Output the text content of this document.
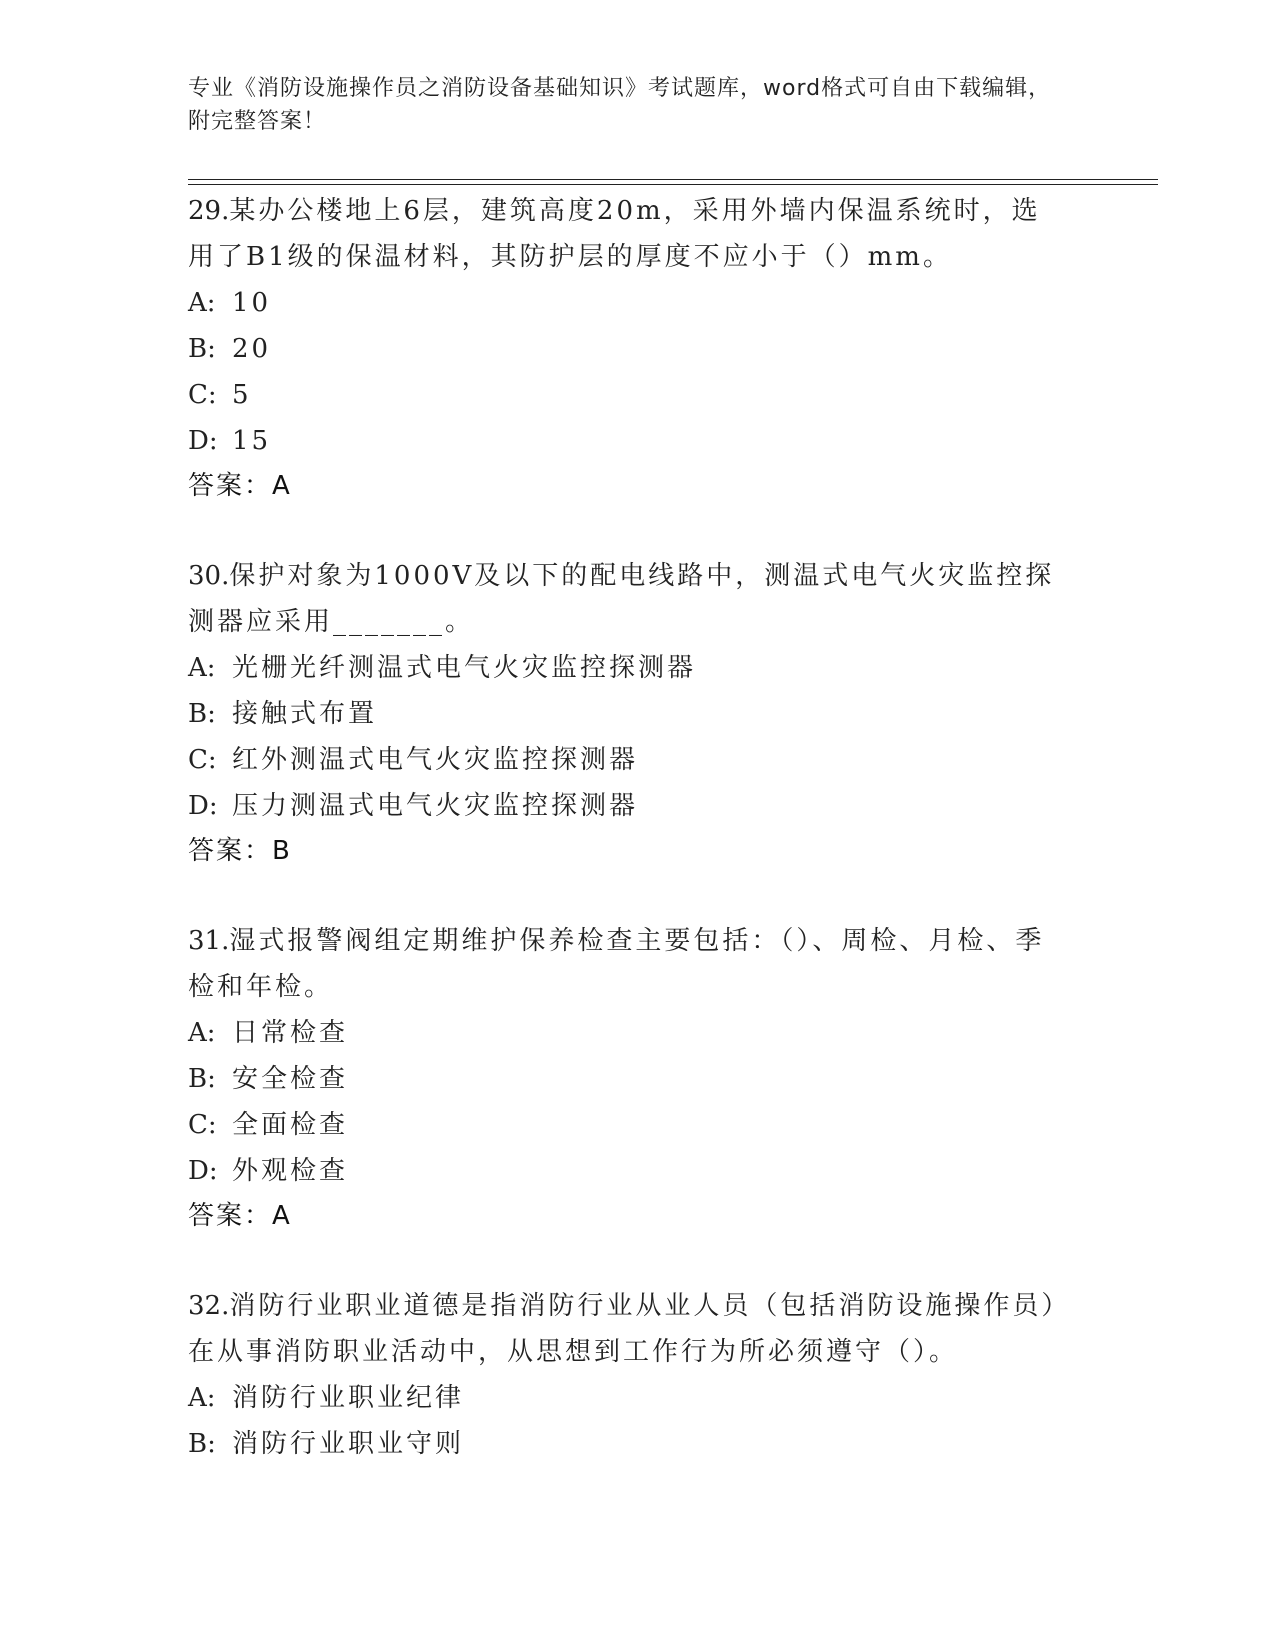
专业《消防设施操作员之消防设备基础知识》考试题库，word格式可自由下载编辑，附完整答案！

29.某办公楼地上6层，建筑高度20m，采用外墙内保温系统时，选用了B1级的保温材料，其防护层的厚度不应小于（）mm。

A: 10
B: 20
C: 5
D: 15
答案：A

30.保护对象为1000V及以下的配电线路中，测温式电气火灾监控探测器应采用_______。

A: 光栅光纤测温式电气火灾监控探测器
B: 接触式布置
C: 红外测温式电气火灾监控探测器
D: 压力测温式电气火灾监控探测器
答案：B

31.湿式报警阀组定期维护保养检查主要包括：（）、周检、月检、季检和年检。

A: 日常检查
B: 安全检查
C: 全面检查
D: 外观检查
答案：A

32.消防行业职业道德是指消防行业从业人员（包括消防设施操作员）在从事消防职业活动中，从思想到工作行为所必须遵守（）。

A: 消防行业职业纪律
B: 消防行业职业守则
